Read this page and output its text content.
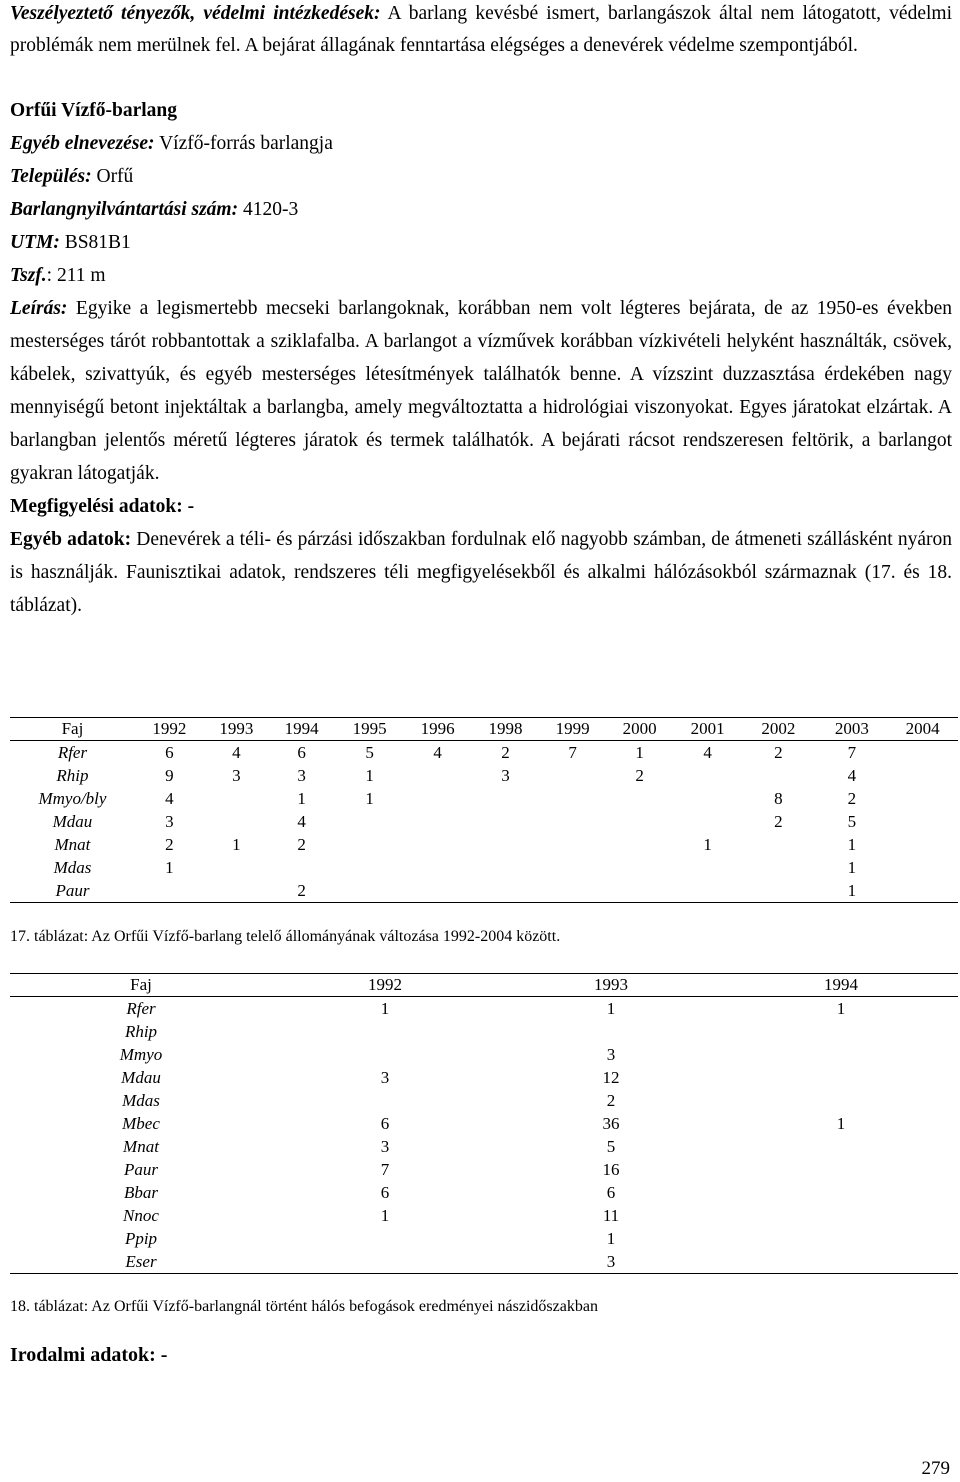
Veszélyeztető tényezők, védelmi intézkedések: A barlang kevésbé ismert, barlangászok által nem látogatott, védelmi problémák nem merülnek fel. A bejárat állagának fenntartása elégséges a denevérek védelme szempontjából.

Orfűi Vízfő-barlang

Egyéb elnevezése: Vízfő-forrás barlangja

Település: Orfű

Barlangnyilvántartási szám: 4120-3

UTM: BS81B1

Tszf.: 211 m

Leírás: Egyike a legismertebb mecseki barlangoknak, korábban nem volt légteres bejárata, de az 1950-es években mesterséges tárót robbantottak a sziklafalba. A barlangot a vízművek korábban vízkivételi helyként használták, csövek, kábelek, szivattyúk, és egyéb mesterséges létesítmények találhatók benne. A vízszint duzzasztása érdekében nagy mennyiségű betont injektáltak a barlangba, amely megváltoztatta a hidrológiai viszonyokat. Egyes járatokat elzártak. A barlangban jelentős méretű légteres járatok és termek találhatók. A bejárati rácsot rendszeresen feltörik, a barlangot gyakran látogatják.

Megfigyelési adatok: -

Egyéb adatok: Denevérek a téli- és párzási időszakban fordulnak elő nagyobb számban, de átmeneti szállásként nyáron is használják. Faunisztikai adatok, rendszeres téli megfigyelésekből és alkalmi hálózásokból származnak (17. és 18. táblázat).

Faj	1992	1993	1994	1995	1996	1998	1999	2000	2001	2002	2003	2004
Rfer	6	4	6	5	4	2	7	1	4	2	7	
Rhip	9	3	3	1		3		2			4	
Mmyo/bly	4		1	1						8	2	
Mdau	3		4							2	5	
Mnat	2	1	2						1		1	
Mdas	1										1	
Paur			2								1	
17. táblázat: Az Orfűi Vízfő-barlang telelő állományának változása 1992-2004 között.
Faj	1992	1993	1994
Rfer	1	1	1
Rhip			
Mmyo		3	
Mdau	3	12	
Mdas		2	
Mbec	6	36	1
Mnat	3	5	
Paur	7	16	
Bbar	6	6	
Nnoc	1	11	
Ppip		1	
Eser		3	
18. táblázat: Az Orfűi Vízfő-barlangnál történt hálós befogások eredményei nászidőszakban
Irodalmi adatok: -
279
